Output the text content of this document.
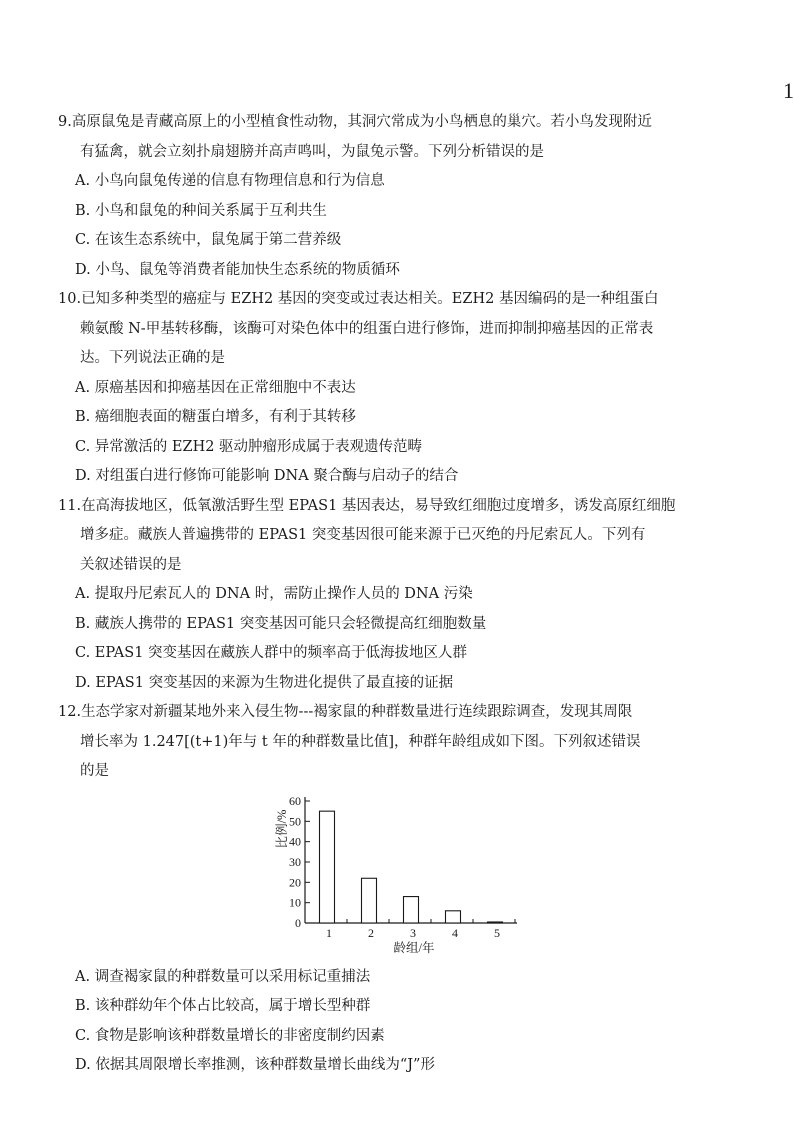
1
9.高原鼠兔是青藏高原上的小型植食性动物，其洞穴常成为小鸟栖息的巢穴。若小鸟发现附近
有猛禽，就会立刻扑扇翅膀并高声鸣叫，为鼠兔示警。下列分析错误的是
A. 小鸟向鼠兔传递的信息有物理信息和行为信息
B. 小鸟和鼠兔的种间关系属于互利共生
C. 在该生态系统中，鼠兔属于第二营养级
D. 小鸟、鼠兔等消费者能加快生态系统的物质循环
10.已知多种类型的癌症与 EZH2 基因的突变或过表达相关。EZH2 基因编码的是一种组蛋白
赖氨酸 N-甲基转移酶，该酶可对染色体中的组蛋白进行修饰，进而抑制抑癌基因的正常表
达。下列说法正确的是
A. 原癌基因和抑癌基因在正常细胞中不表达
B. 癌细胞表面的糖蛋白增多，有利于其转移
C. 异常激活的 EZH2 驱动肿瘤形成属于表观遗传范畴
D. 对组蛋白进行修饰可能影响 DNA 聚合酶与启动子的结合
11.在高海拔地区，低氧激活野生型 EPAS1 基因表达，易导致红细胞过度增多，诱发高原红细胞
增多症。藏族人普遍携带的 EPAS1 突变基因很可能来源于已灭绝的丹尼索瓦人。下列有
关叙述错误的是
A. 提取丹尼索瓦人的 DNA 时，需防止操作人员的 DNA 污染
B. 藏族人携带的 EPAS1 突变基因可能只会轻微提高红细胞数量
C. EPAS1 突变基因在藏族人群中的频率高于低海拔地区人群
D. EPAS1 突变基因的来源为生物进化提供了最直接的证据
12.生态学家对新疆某地外来入侵生物---褐家鼠的种群数量进行连续跟踪调查，发现其周限
增长率为 1.247[(t+1)年与 t 年的种群数量比值]，种群年龄组成如下图。下列叙述错误
的是
0
10
20
30
40
50
60
1	2	3	4	5
龄组/年
比例/%
A. 调查褐家鼠的种群数量可以采用标记重捕法
B. 该种群幼年个体占比较高，属于增长型种群
C. 食物是影响该种群数量增长的非密度制约因素
D. 依据其周限增长率推测，该种群数量增长曲线为“J”形
